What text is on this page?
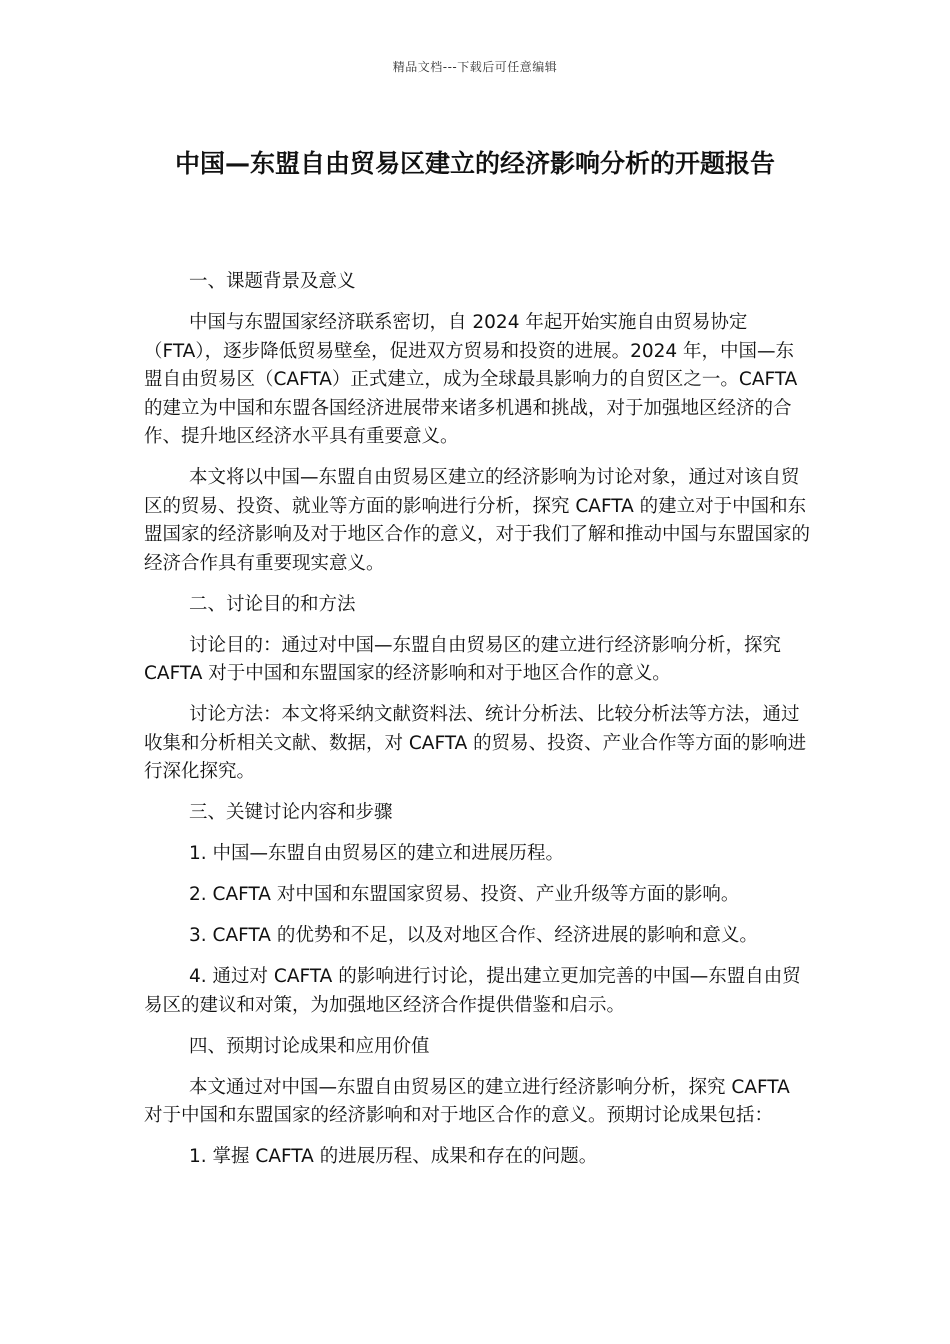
精品文档---下载后可任意编辑
中国—东盟自由贸易区建立的经济影响分析的开题报告

一、课题背景及意义

中国与东盟国家经济联系密切，自 2024 年起开始实施自由贸易协定（FTA），逐步降低贸易壁垒，促进双方贸易和投资的进展。2024 年，中国—东盟自由贸易区（CAFTA）正式建立，成为全球最具影响力的自贸区之一。CAFTA 的建立为中国和东盟各国经济进展带来诸多机遇和挑战，对于加强地区经济的合作、提升地区经济水平具有重要意义。

本文将以中国—东盟自由贸易区建立的经济影响为讨论对象，通过对该自贸区的贸易、投资、就业等方面的影响进行分析，探究 CAFTA 的建立对于中国和东盟国家的经济影响及对于地区合作的意义，对于我们了解和推动中国与东盟国家的经济合作具有重要现实意义。

二、讨论目的和方法

讨论目的：通过对中国—东盟自由贸易区的建立进行经济影响分析，探究 CAFTA 对于中国和东盟国家的经济影响和对于地区合作的意义。

讨论方法：本文将采纳文献资料法、统计分析法、比较分析法等方法，通过收集和分析相关文献、数据，对 CAFTA 的贸易、投资、产业合作等方面的影响进行深化探究。

三、关键讨论内容和步骤

1. 中国—东盟自由贸易区的建立和进展历程。

2. CAFTA 对中国和东盟国家贸易、投资、产业升级等方面的影响。

3. CAFTA 的优势和不足，以及对地区合作、经济进展的影响和意义。

4. 通过对 CAFTA 的影响进行讨论，提出建立更加完善的中国—东盟自由贸易区的建议和对策，为加强地区经济合作提供借鉴和启示。

四、预期讨论成果和应用价值

本文通过对中国—东盟自由贸易区的建立进行经济影响分析，探究 CAFTA 对于中国和东盟国家的经济影响和对于地区合作的意义。预期讨论成果包括：

1. 掌握 CAFTA 的进展历程、成果和存在的问题。
